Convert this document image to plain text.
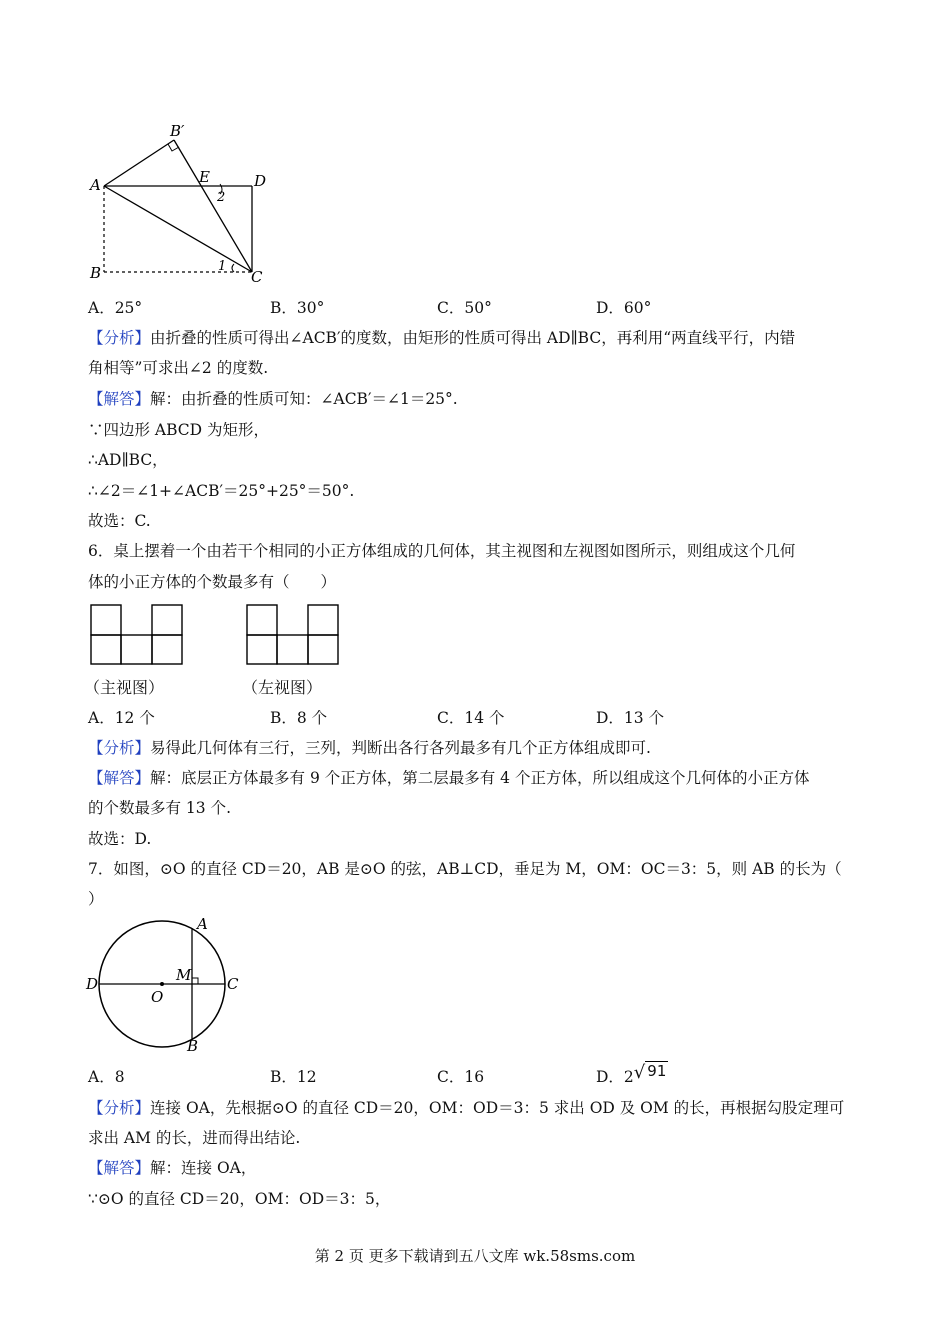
B′
A	E	D
2
B	1
C
A．25°	B．30°	C．50°	D．60°
【分析】由折叠的性质可得出∠ACB′的度数，由矩形的性质可得出 AD∥BC，再利用“两直线平行，内错
角相等”可求出∠2 的度数.
【解答】解：由折叠的性质可知：∠ACB′＝∠1＝25°.
∵四边形 ABCD 为矩形，
∴AD∥BC，
∴∠2＝∠1+∠ACB′＝25°+25°＝50°.
故选：C.
6．桌上摆着一个由若干个相同的小正方体组成的几何体，其主视图和左视图如图所示，则组成这个几何
体的小正方体的个数最多有（　　）
（主视图）	（左视图）
A．12 个	B．8 个	C．14 个	D．13 个
【分析】易得此几何体有三行，三列，判断出各行各列最多有几个正方体组成即可.
【解答】解：底层正方体最多有 9 个正方体，第二层最多有 4 个正方体，所以组成这个几何体的小正方体
的个数最多有 13 个.
故选：D.
7．如图，⊙O 的直径 CD＝20，AB 是⊙O 的弦，AB⊥CD，垂足为 M，OM：OC＝3：5，则 AB 的长为（
）
A
D	M C
O
B
A．8	B．12	C．16	D．2√ 91
【分析】连接 OA，先根据⊙O 的直径 CD＝20，OM：OD＝3：5 求出 OD 及 OM 的长，再根据勾股定理可
求出 AM 的长，进而得出结论.
【解答】解：连接 OA，
∵⊙O 的直径 CD＝20，OM：OD＝3：5，
第 2 页 更多下载请到五八文库 wk.58sms.com
